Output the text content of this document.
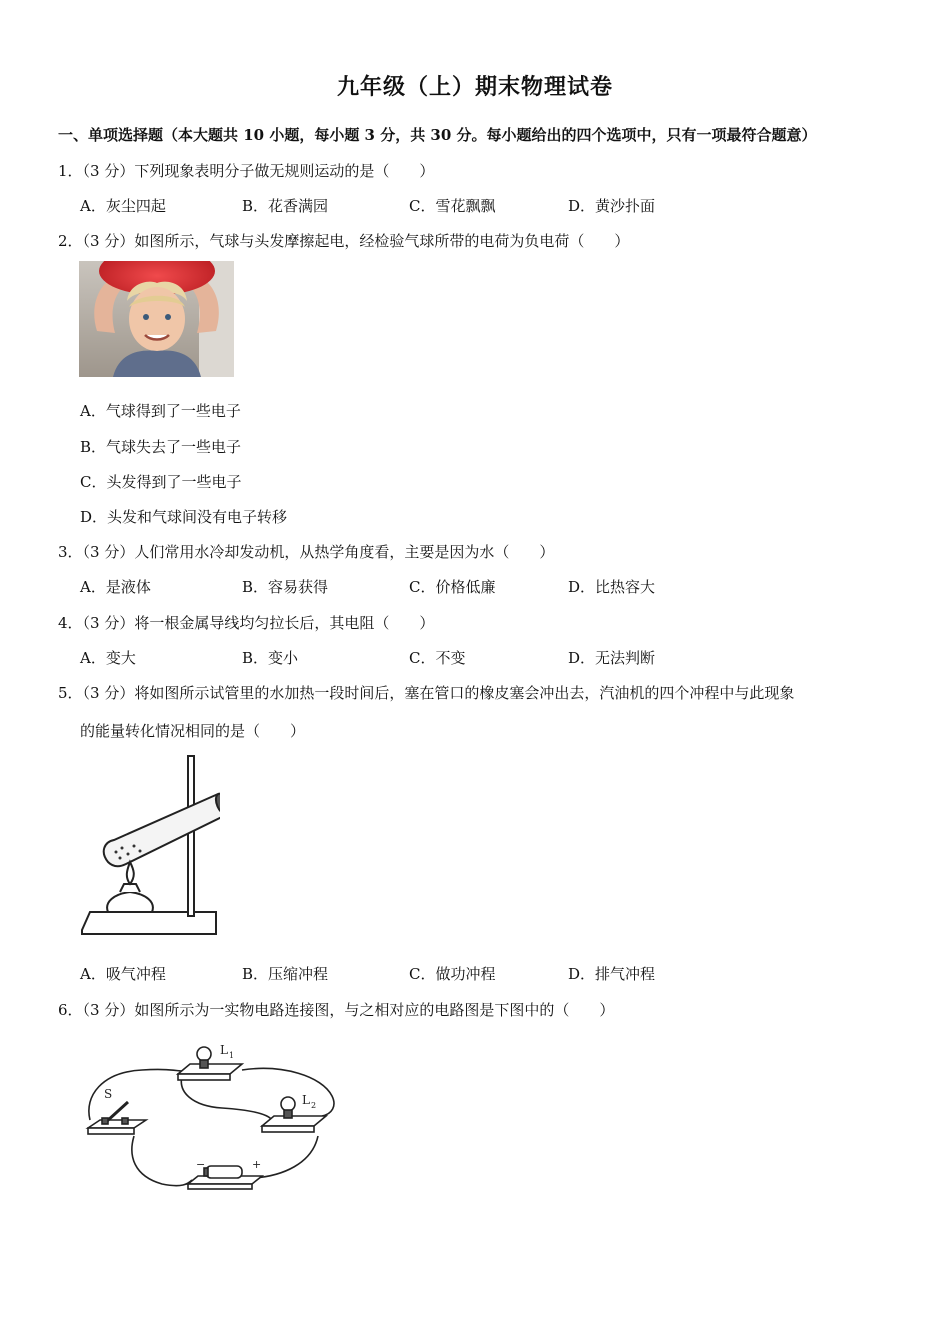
九年级（上）期末物理试卷
一、单项选择题（本大题共 10 小题，每小题 3 分，共 30 分。每小题给出的四个选项中，只有一项最符合题意）
1．（3 分）下列现象表明分子做无规则运动的是（　　）
A．灰尘四起	B．花香满园	C．雪花飘飘	D．黄沙扑面
2．（3 分）如图所示，气球与头发摩擦起电，经检验气球所带的电荷为负电荷（　　）
A．气球得到了一些电子
B．气球失去了一些电子
C．头发得到了一些电子
D．头发和气球间没有电子转移
3．（3 分）人们常用水冷却发动机，从热学角度看，主要是因为水（　　）
A．是液体	B．容易获得	C．价格低廉	D．比热容大
4．（3 分）将一根金属导线均匀拉长后，其电阻（　　）
A．变大	B．变小	C．不变	D．无法判断
5．（3 分）将如图所示试管里的水加热一段时间后，塞在管口的橡皮塞会冲出去，汽油机的四个冲程中与此现象
的能量转化情况相同的是（　　）
A．吸气冲程	B．压缩冲程	C．做功冲程	D．排气冲程
6．（3 分）如图所示为一实物电路连接图，与之相对应的电路图是下图中的（　　）
S
L 1
L 2
−	+
